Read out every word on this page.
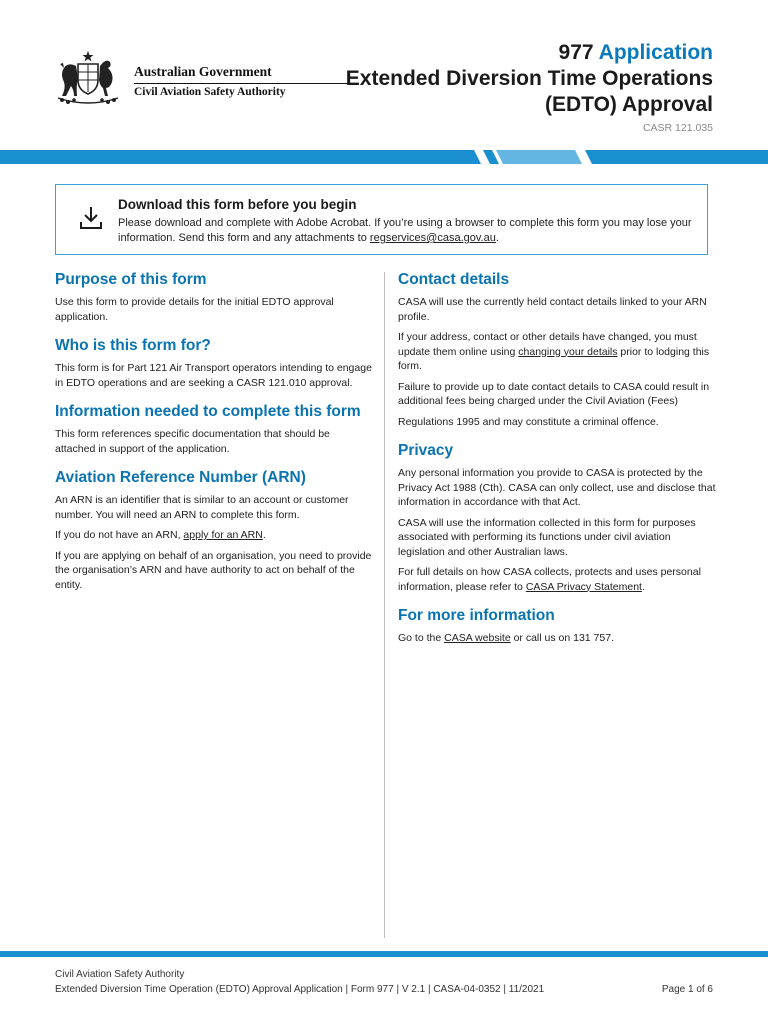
Australian Government
Civil Aviation Safety Authority
977 Application
Extended Diversion Time Operations
(EDTO) Approval
CASR 121.035
Download this form before you begin
Please download and complete with Adobe Acrobat. If you’re using a browser to complete this form you may lose your information. Send this form and any attachments to regservices@casa.gov.au.
Purpose of this form

Use this form to provide details for the initial EDTO approval application.

Who is this form for?

This form is for Part 121 Air Transport operators intending to engage in EDTO operations and are seeking a CASR 121.010 approval.

Information needed to complete this form

This form references specific documentation that should be attached in support of the application.

Aviation Reference Number (ARN)

An ARN is an identifier that is similar to an account or customer number. You will need an ARN to complete this form.

If you do not have an ARN, apply for an ARN.

If you are applying on behalf of an organisation, you need to provide the organisation’s ARN and have authority to act on behalf of the entity.

Contact details

CASA will use the currently held contact details linked to your ARN profile.

If your address, contact or other details have changed, you must update them online using changing your details prior to lodging this form.

Failure to provide up to date contact details to CASA could result in additional fees being charged under the Civil Aviation (Fees)

Regulations 1995 and may constitute a criminal offence.

Privacy

Any personal information you provide to CASA is protected by the Privacy Act 1988 (Cth). CASA can only collect, use and disclose that information in accordance with that Act.

CASA will use the information collected in this form for purposes associated with performing its functions under civil aviation legislation and other Australian laws.

For full details on how CASA collects, protects and uses personal information, please refer to CASA Privacy Statement.

For more information

Go to the CASA website or call us on 131 757.

Civil Aviation Safety Authority
Extended Diversion Time Operation (EDTO) Approval Application | Form 977 | V 2.1 | CASA-04-0352 | 11/2021	Page 1 of 6
